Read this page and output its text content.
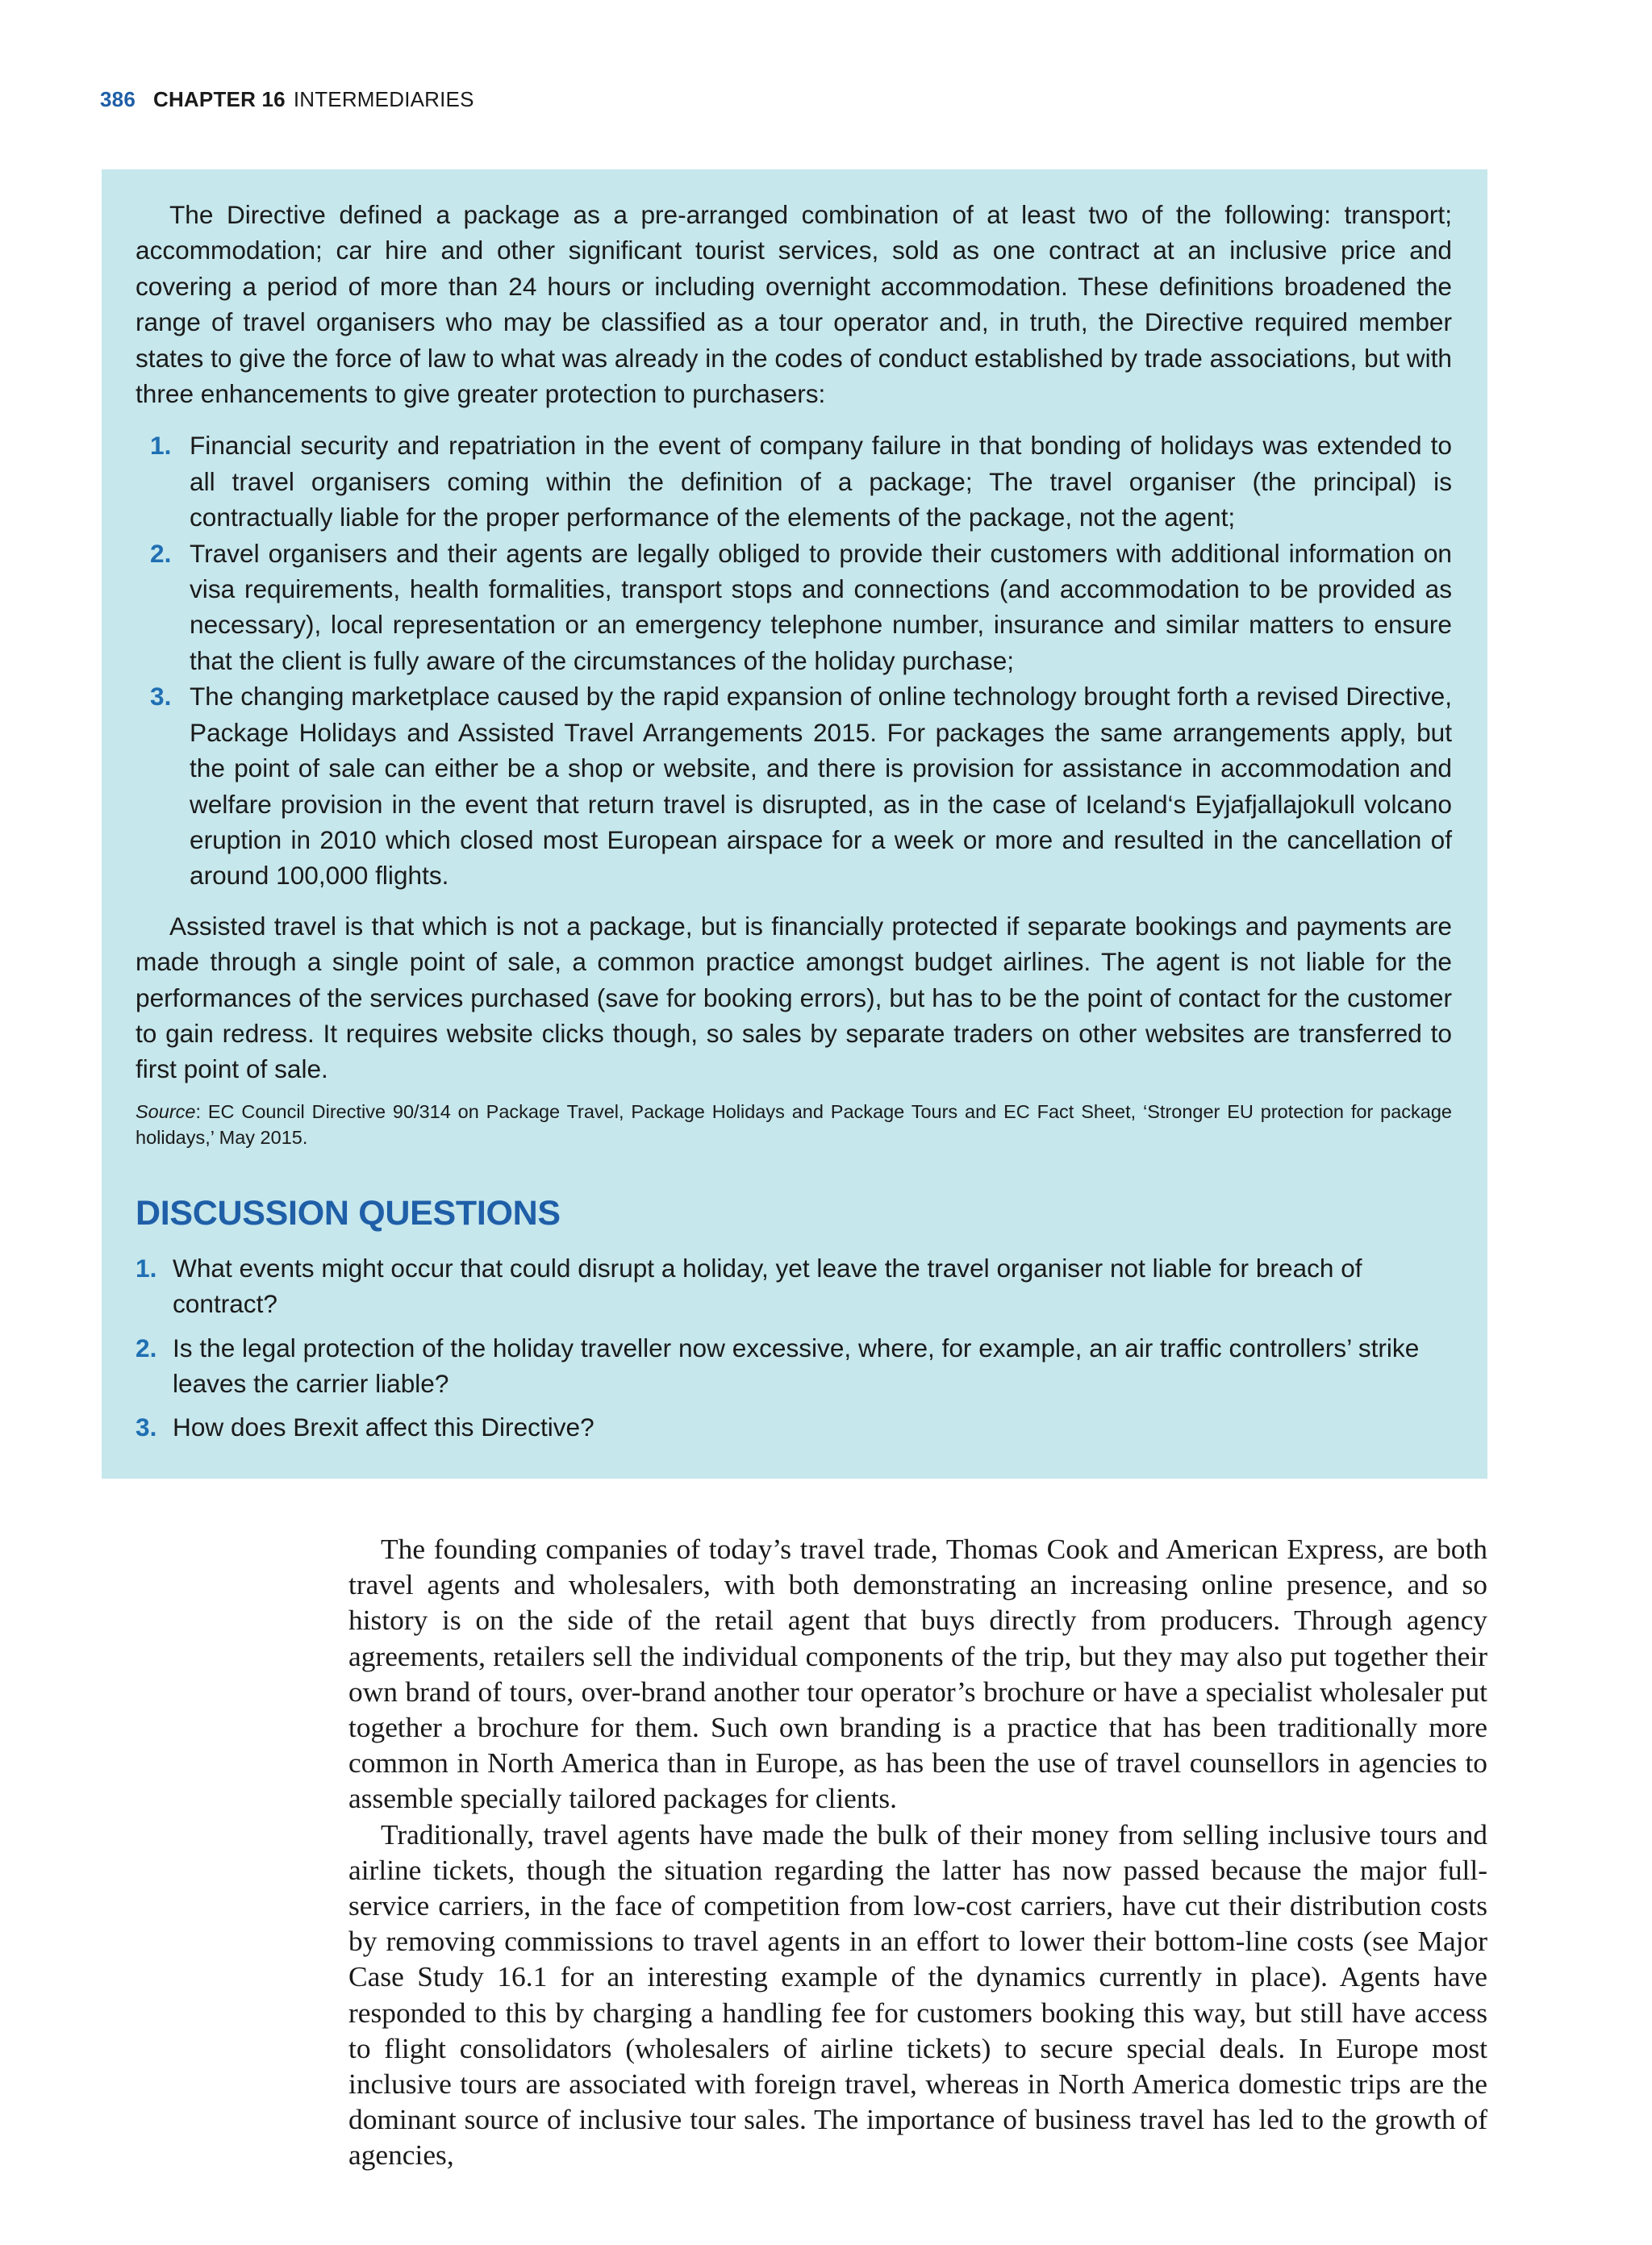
386 CHAPTER 16 INTERMEDIARIES

The Directive defined a package as a pre-arranged combination of at least two of the following: transport; accommodation; car hire and other significant tourist services, sold as one contract at an inclusive price and covering a period of more than 24 hours or including overnight accommodation. These definitions broadened the range of travel organisers who may be classified as a tour operator and, in truth, the Directive required member states to give the force of law to what was already in the codes of conduct established by trade associations, but with three enhancements to give greater protection to purchasers:

1. Financial security and repatriation in the event of company failure in that bonding of holidays was extended to all travel organisers coming within the definition of a package; The travel organiser (the principal) is contractually liable for the proper performance of the elements of the package, not the agent;
2. Travel organisers and their agents are legally obliged to provide their customers with additional information on visa requirements, health formalities, transport stops and connections (and accommodation to be provided as necessary), local representation or an emergency telephone number, insurance and similar matters to ensure that the client is fully aware of the circumstances of the holiday purchase;
3. The changing marketplace caused by the rapid expansion of online technology brought forth a revised Directive, Package Holidays and Assisted Travel Arrangements 2015. For packages the same arrangements apply, but the point of sale can either be a shop or website, and there is provision for assistance in accommodation and welfare provision in the event that return travel is disrupted, as in the case of Iceland‘s Eyjafjallajokull volcano eruption in 2010 which closed most European airspace for a week or more and resulted in the cancellation of around 100,000 flights.

Assisted travel is that which is not a package, but is financially protected if separate bookings and payments are made through a single point of sale, a common practice amongst budget airlines. The agent is not liable for the performances of the services purchased (save for booking errors), but has to be the point of contact for the customer to gain redress. It requires website clicks though, so sales by separate traders on other websites are transferred to first point of sale.

Source: EC Council Directive 90/314 on Package Travel, Package Holidays and Package Tours and EC Fact Sheet, ‘Stronger EU protection for package holidays,’ May 2015.

DISCUSSION QUESTIONS
1. What events might occur that could disrupt a holiday, yet leave the travel organiser not liable for breach of contract?
2. Is the legal protection of the holiday traveller now excessive, where, for example, an air traffic controllers’ strike leaves the carrier liable?
3. How does Brexit affect this Directive?

The founding companies of today’s travel trade, Thomas Cook and American Express, are both travel agents and wholesalers, with both demonstrating an increasing online presence, and so history is on the side of the retail agent that buys directly from producers. Through agency agreements, retailers sell the individual components of the trip, but they may also put together their own brand of tours, over-brand another tour operator’s brochure or have a specialist wholesaler put together a brochure for them. Such own branding is a practice that has been traditionally more common in North America than in Europe, as has been the use of travel counsellors in agencies to assemble specially tailored packages for clients.

Traditionally, travel agents have made the bulk of their money from selling inclusive tours and airline tickets, though the situation regarding the latter has now passed because the major full-service carriers, in the face of competition from low-cost carriers, have cut their distribution costs by removing commissions to travel agents in an effort to lower their bottom-line costs (see Major Case Study 16.1 for an interesting example of the dynamics currently in place). Agents have responded to this by charging a handling fee for customers booking this way, but still have access to flight consolidators (wholesalers of airline tickets) to secure special deals. In Europe most inclusive tours are associated with foreign travel, whereas in North America domestic trips are the dominant source of inclusive tour sales. The importance of business travel has led to the growth of agencies,
